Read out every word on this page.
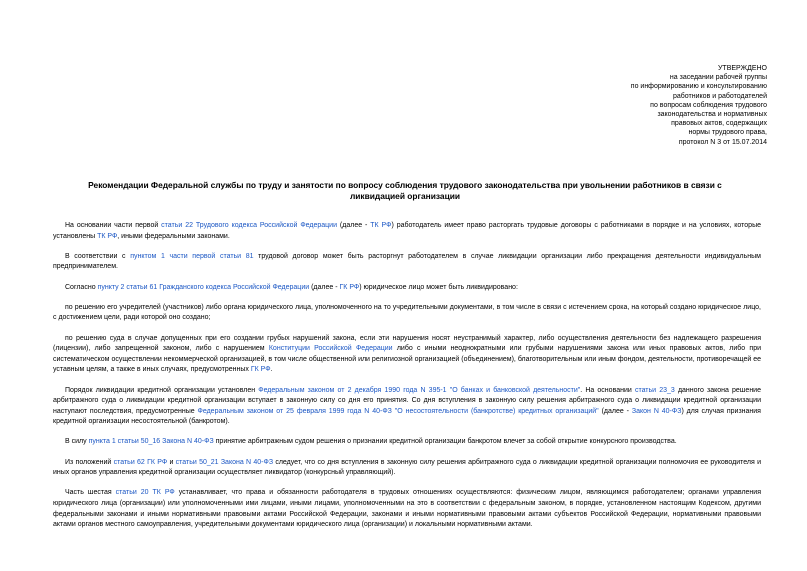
УТВЕРЖДЕНО
на заседании рабочей группы
по информированию и консультированию
работников и работодателей
по вопросам соблюдения трудового
законодательства и нормативных
правовых актов, содержащих
нормы трудового права,
протокол N 3 от 15.07.2014
Рекомендации Федеральной службы по труду и занятости по вопросу соблюдения трудового законодательства при увольнении работников в связи с ликвидацией организации

На основании части первой статьи 22 Трудового кодекса Российской Федерации (далее - ТК РФ) работодатель имеет право расторгать трудовые договоры с работниками в порядке и на условиях, которые установлены ТК РФ, иными федеральными законами.

В соответствии с пунктом 1 части первой статьи 81 трудовой договор может быть расторгнут работодателем в случае ликвидации организации либо прекращения деятельности индивидуальным предпринимателем.

Согласно пункту 2 статьи 61 Гражданского кодекса Российской Федерации (далее - ГК РФ) юридическое лицо может быть ликвидировано:

по решению его учредителей (участников) либо органа юридического лица, уполномоченного на то учредительными документами, в том числе в связи с истечением срока, на который создано юридическое лицо, с достижением цели, ради которой оно создано;

по решению суда в случае допущенных при его создании грубых нарушений закона, если эти нарушения носят неустранимый характер, либо осуществления деятельности без надлежащего разрешения (лицензии), либо запрещенной законом, либо с нарушением Конституции Российской Федерации либо с иными неоднократными или грубыми нарушениями закона или иных правовых актов, либо при систематическом осуществлении некоммерческой организацией, в том числе общественной или религиозной организацией (объединением), благотворительным или иным фондом, деятельности, противоречащей ее уставным целям, а также в иных случаях, предусмотренных ГК РФ.

Порядок ликвидации кредитной организации установлен Федеральным законом от 2 декабря 1990 года N 395-1 "О банках и банковской деятельности". На основании статьи 23_3 данного закона решение арбитражного суда о ликвидации кредитной организации вступает в законную силу со дня его принятия. Со дня вступления в законную силу решения арбитражного суда о ликвидации кредитной организации наступают последствия, предусмотренные Федеральным законом от 25 февраля 1999 года N 40-ФЗ "О несостоятельности (банкротстве) кредитных организаций" (далее - Закон N 40-ФЗ) для случая признания кредитной организации несостоятельной (банкротом).

В силу пункта 1 статьи 50_16 Закона N 40-ФЗ принятие арбитражным судом решения о признании кредитной организации банкротом влечет за собой открытие конкурсного производства.

Из положений статьи 62 ГК РФ и статьи 50_21 Закона N 40-ФЗ следует, что со дня вступления в законную силу решения арбитражного суда о ликвидации кредитной организации полномочия ее руководителя и иных органов управления кредитной организации осуществляет ликвидатор (конкурсный управляющий).

Часть шестая статьи 20 ТК РФ устанавливает, что права и обязанности работодателя в трудовых отношениях осуществляются: физическим лицом, являющимся работодателем; органами управления юридического лица (организации) или уполномоченными ими лицами, иными лицами, уполномоченными на это в соответствии с федеральным законом, в порядке, установленном настоящим Кодексом, другими федеральными законами и иными нормативными правовыми актами Российской Федерации, законами и иными нормативными правовыми актами субъектов Российской Федерации, нормативными правовыми актами органов местного самоуправления, учредительными документами юридического лица (организации) и локальными нормативными актами.
